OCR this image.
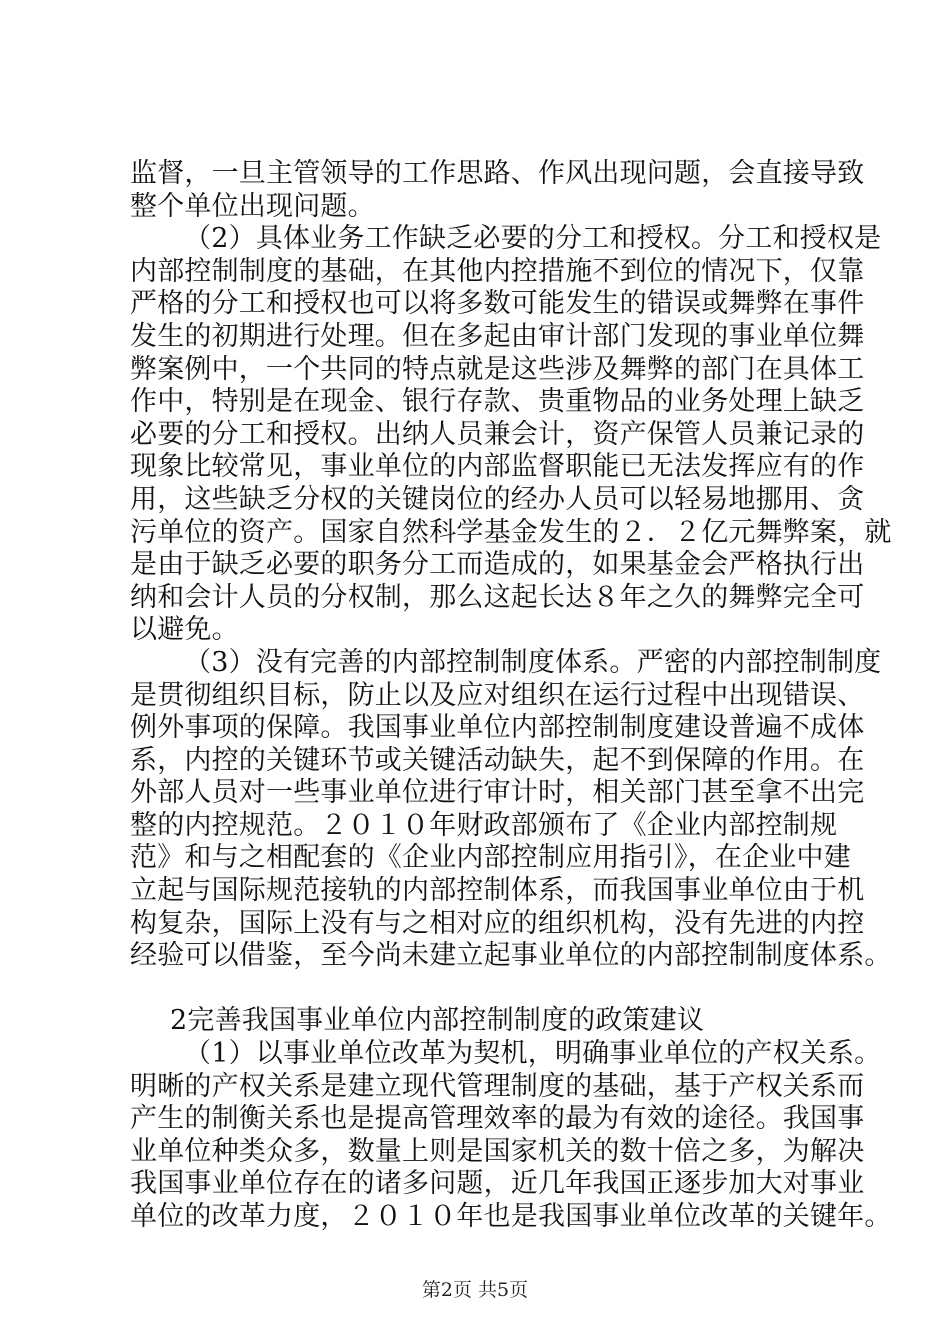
监督，一旦主管领导的工作思路、作风出现问题，会直接导致
整个单位出现问题。
（2）具体业务工作缺乏必要的分工和授权。分工和授权是
内部控制制度的基础，在其他内控措施不到位的情况下，仅靠
严格的分工和授权也可以将多数可能发生的错误或舞弊在事件
发生的初期进行处理。但在多起由审计部门发现的事业单位舞
弊案例中，一个共同的特点就是这些涉及舞弊的部门在具体工
作中，特别是在现金、银行存款、贵重物品的业务处理上缺乏
必要的分工和授权。出纳人员兼会计，资产保管人员兼记录的
现象比较常见，事业单位的内部监督职能已无法发挥应有的作
用，这些缺乏分权的关键岗位的经办人员可以轻易地挪用、贪
污单位的资产。国家自然科学基金发生的２．２亿元舞弊案，就
是由于缺乏必要的职务分工而造成的，如果基金会严格执行出
纳和会计人员的分权制，那么这起长达８年之久的舞弊完全可
以避免。
（3）没有完善的内部控制制度体系。严密的内部控制制度
是贯彻组织目标，防止以及应对组织在运行过程中出现错误、
例外事项的保障。我国事业单位内部控制制度建设普遍不成体
系，内控的关键环节或关键活动缺失，起不到保障的作用。在
外部人员对一些事业单位进行审计时，相关部门甚至拿不出完
整的内控规范。２０１０年财政部颁布了《企业内部控制规
范》和与之相配套的《企业内部控制应用指引》，在企业中建
立起与国际规范接轨的内部控制体系，而我国事业单位由于机
构复杂，国际上没有与之相对应的组织机构，没有先进的内控
经验可以借鉴，至今尚未建立起事业单位的内部控制制度体系。
2完善我国事业单位内部控制制度的政策建议
（1）以事业单位改革为契机，明确事业单位的产权关系。
明晰的产权关系是建立现代管理制度的基础，基于产权关系而
产生的制衡关系也是提高管理效率的最为有效的途径。我国事
业单位种类众多，数量上则是国家机关的数十倍之多，为解决
我国事业单位存在的诸多问题，近几年我国正逐步加大对事业
单位的改革力度，２０１０年也是我国事业单位改革的关键年。
第2页 共5页
